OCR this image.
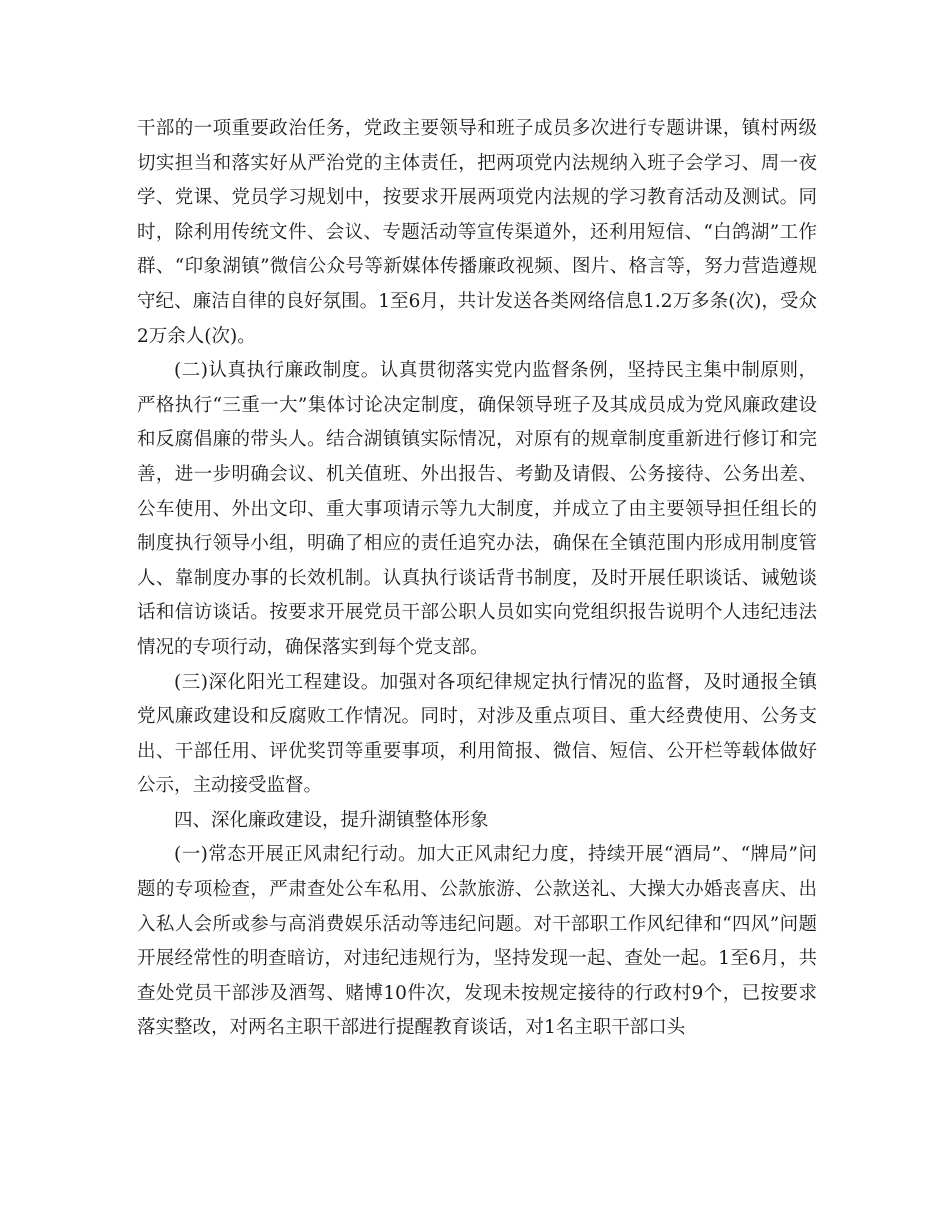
干部的一项重要政治任务，党政主要领导和班子成员多次进行专题讲课，镇村两级切实担当和落实好从严治党的主体责任，把两项党内法规纳入班子会学习、周一夜学、党课、党员学习规划中，按要求开展两项党内法规的学习教育活动及测试。同时，除利用传统文件、会议、专题活动等宣传渠道外，还利用短信、“白鸽湖”工作群、“印象湖镇”微信公众号等新媒体传播廉政视频、图片、格言等，努力营造遵规守纪、廉洁自律的良好氛围。1至6月，共计发送各类网络信息1.2万多条(次)，受众2万余人(次)。

(二)认真执行廉政制度。认真贯彻落实党内监督条例，坚持民主集中制原则，严格执行“三重一大”集体讨论决定制度，确保领导班子及其成员成为党风廉政建设和反腐倡廉的带头人。结合湖镇镇实际情况，对原有的规章制度重新进行修订和完善，进一步明确会议、机关值班、外出报告、考勤及请假、公务接待、公务出差、公车使用、外出文印、重大事项请示等九大制度，并成立了由主要领导担任组长的制度执行领导小组，明确了相应的责任追究办法，确保在全镇范围内形成用制度管人、靠制度办事的长效机制。认真执行谈话背书制度，及时开展任职谈话、诫勉谈话和信访谈话。按要求开展党员干部公职人员如实向党组织报告说明个人违纪违法情况的专项行动，确保落实到每个党支部。

(三)深化阳光工程建设。加强对各项纪律规定执行情况的监督，及时通报全镇党风廉政建设和反腐败工作情况。同时，对涉及重点项目、重大经费使用、公务支出、干部任用、评优奖罚等重要事项，利用简报、微信、短信、公开栏等载体做好公示，主动接受监督。

四、深化廉政建设，提升湖镇整体形象

(一)常态开展正风肃纪行动。加大正风肃纪力度，持续开展“酒局”、“牌局”问题的专项检查，严肃查处公车私用、公款旅游、公款送礼、大操大办婚丧喜庆、出入私人会所或参与高消费娱乐活动等违纪问题。对干部职工作风纪律和“四风”问题开展经常性的明查暗访，对违纪违规行为，坚持发现一起、查处一起。1至6月，共查处党员干部涉及酒驾、赌博10件次，发现未按规定接待的行政村9个，已按要求落实整改，对两名主职干部进行提醒教育谈话，对1名主职干部口头
